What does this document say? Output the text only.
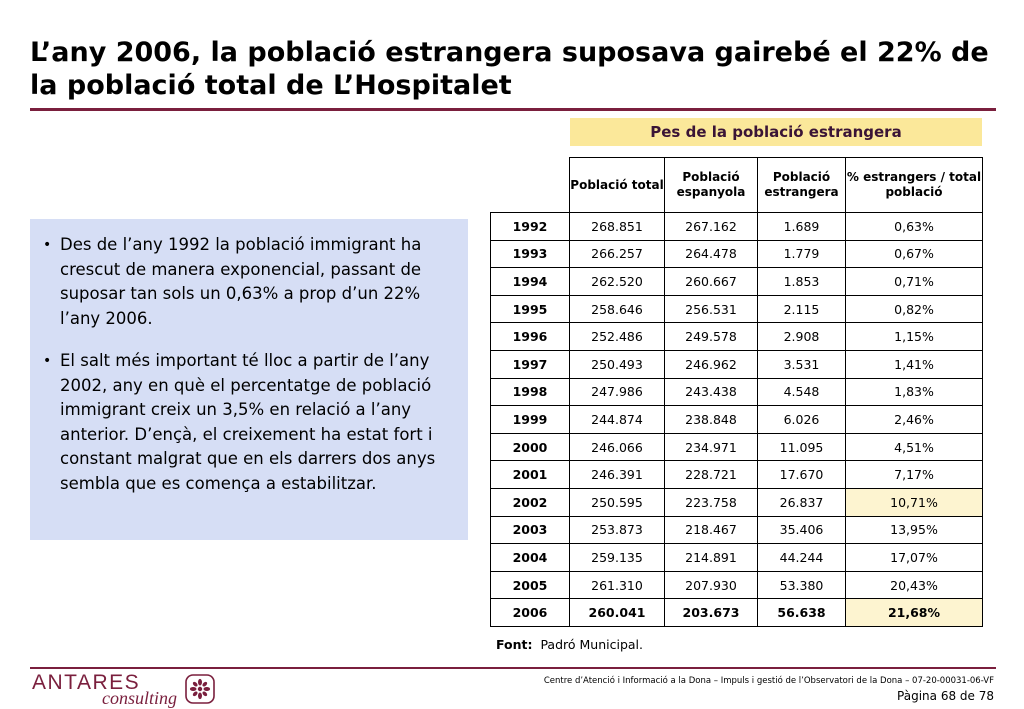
L’any 2006, la població estrangera suposava gairebé el 22% de la població total de L’Hospitalet
Pes de la població estrangera
• Des de l’any 1992 la població immigrant ha crescut de manera exponencial, passant de suposar tan sols un 0,63% a prop d’un 22% l’any 2006.
• El salt més important té lloc a partir de l’any 2002, any en què el percentatge de població immigrant creix un 3,5% en relació a l’any anterior. D’ençà, el creixement ha estat fort i constant malgrat que en els darrers dos anys sembla que es comença a estabilitzar.
	Població total	Població espanyola	Població estrangera	% estrangers / total població
1992	268.851	267.162	1.689	0,63%
1993	266.257	264.478	1.779	0,67%
1994	262.520	260.667	1.853	0,71%
1995	258.646	256.531	2.115	0,82%
1996	252.486	249.578	2.908	1,15%
1997	250.493	246.962	3.531	1,41%
1998	247.986	243.438	4.548	1,83%
1999	244.874	238.848	6.026	2,46%
2000	246.066	234.971	11.095	4,51%
2001	246.391	228.721	17.670	7,17%
2002	250.595	223.758	26.837	10,71%
2003	253.873	218.467	35.406	13,95%
2004	259.135	214.891	44.244	17,07%
2005	261.310	207.930	53.380	20,43%
2006	260.041	203.673	56.638	21,68%
Font: Padró Municipal.
ANTARES
consulting
Centre d’Atenció i Informació a la Dona – Impuls i gestió de l’Observatori de la Dona – 07-20-00031-06-VF
Pàgina 68 de 78
